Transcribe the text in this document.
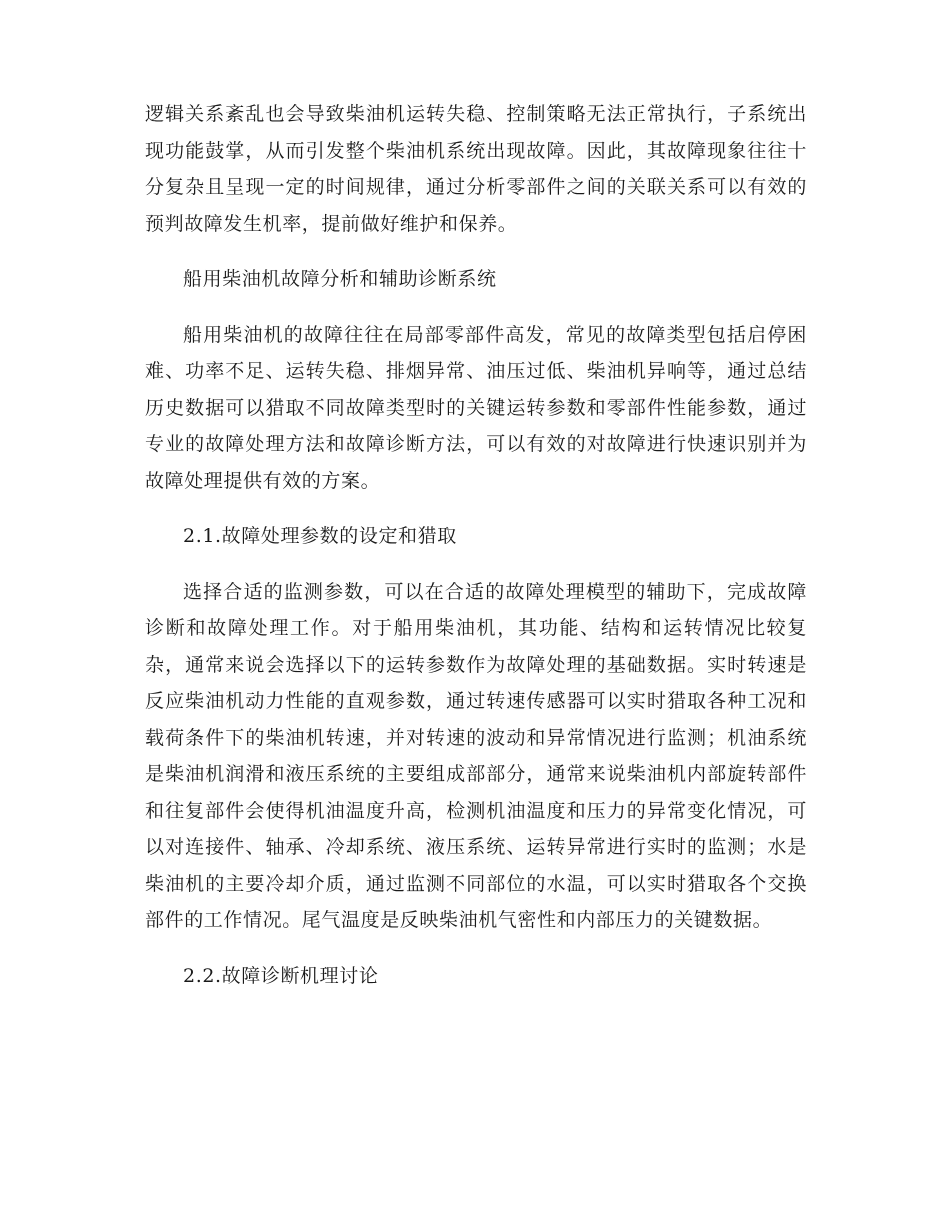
逻辑关系紊乱也会导致柴油机运转失稳、控制策略无法正常执行，子系统出现功能鼓掌，从而引发整个柴油机系统出现故障。因此，其故障现象往往十分复杂且呈现一定的时间规律，通过分析零部件之间的关联关系可以有效的预判故障发生机率，提前做好维护和保养。

船用柴油机故障分析和辅助诊断系统

船用柴油机的故障往往在局部零部件高发，常见的故障类型包括启停困难、功率不足、运转失稳、排烟异常、油压过低、柴油机异响等，通过总结历史数据可以猎取不同故障类型时的关键运转参数和零部件性能参数，通过专业的故障处理方法和故障诊断方法，可以有效的对故障进行快速识别并为故障处理提供有效的方案。

2.1.故障处理参数的设定和猎取

选择合适的监测参数，可以在合适的故障处理模型的辅助下，完成故障诊断和故障处理工作。对于船用柴油机，其功能、结构和运转情况比较复杂，通常来说会选择以下的运转参数作为故障处理的基础数据。实时转速是反应柴油机动力性能的直观参数，通过转速传感器可以实时猎取各种工况和载荷条件下的柴油机转速，并对转速的波动和异常情况进行监测；机油系统是柴油机润滑和液压系统的主要组成部部分，通常来说柴油机内部旋转部件和往复部件会使得机油温度升高，检测机油温度和压力的异常变化情况，可以对连接件、轴承、冷却系统、液压系统、运转异常进行实时的监测；水是柴油机的主要冷却介质，通过监测不同部位的水温，可以实时猎取各个交换部件的工作情况。尾气温度是反映柴油机气密性和内部压力的关键数据。

2.2.故障诊断机理讨论
